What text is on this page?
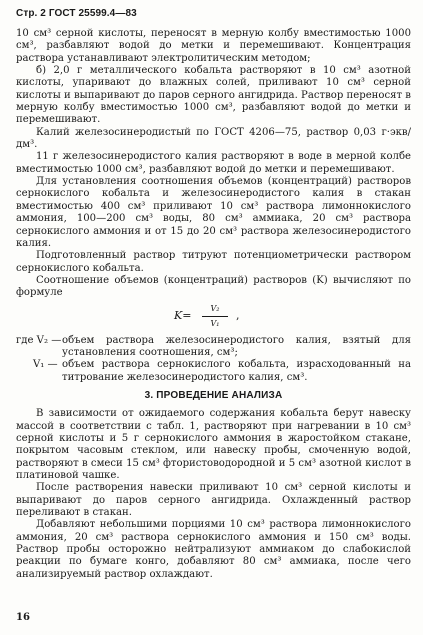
Стр. 2 ГОСТ 25599.4—83

10 см³ серной кислоты, переносят в мерную колбу вместимостью 1000 см³, разбавляют водой до метки и перемешивают. Концентрация раствора устанавливают электролитическим методом;

б) 2,0 г металлического кобальта растворяют в 10 см³ азотной кислоты, упаривают до влажных солей, приливают 10 см³ серной кислоты и выпаривают до паров серного ангидрида. Раствор переносят в мерную колбу вместимостью 1000 см³, разбавляют водой до метки и перемешивают.

Калий железосинеродистый по ГОСТ 4206—75, раствор 0,03 г·экв/дм³.

11 г железосинеродистого калия растворяют в воде в мерной колбе вместимостью 1000 см³, разбавляют водой до метки и перемешивают.

Для установления соотношения объемов (концентраций) растворов сернокислого кобальта и железосинеродистого калия в стакан вместимостью 400 см³ приливают 10 см³ раствора лимоннокислого аммония, 100—200 см³ воды, 80 см³ аммиака, 20 см³ раствора сернокислого аммония и от 15 до 20 см³ раствора железосинеродистого калия.

Подготовленный раствор титруют потенциометрически раствором сернокислого кобальта.

Соотношение объемов (концентраций) растворов (K) вычисляют по формуле

$K= \frac{\text{V₂}}{\text{V₁}}$ ,
где V₂ — объем раствора железосинеродистого калия, взятый для установления соотношения, см³;
V₁ — объем раствора сернокислого кобальта, израсходованный на титрование железосинеродистого калия, см³.
3. ПРОВЕДЕНИЕ АНАЛИЗА

В зависимости от ожидаемого содержания кобальта берут навеску массой в соответствии с табл. 1, растворяют при нагревании в 10 см³ серной кислоты и 5 г сернокислого аммония в жаростойком стакане, покрытом часовым стеклом, или навеску пробы, смоченную водой, растворяют в смеси 15 см³ фтористоводородной и 5 см³ азотной кислот в платиновой чашке.

После растворения навески приливают 10 см³ серной кислоты и выпаривают до паров серного ангидрида. Охлажденный раствор переливают в стакан.

Добавляют небольшими порциями 10 см³ раствора лимоннокислого аммония, 20 см³ раствора сернокислого аммония и 150 см³ воды. Раствор пробы осторожно нейтрализуют аммиаком до слабокислой реакции по бумаге конго, добавляют 80 см³ аммиака, после чего анализируемый раствор охлаждают.

16
